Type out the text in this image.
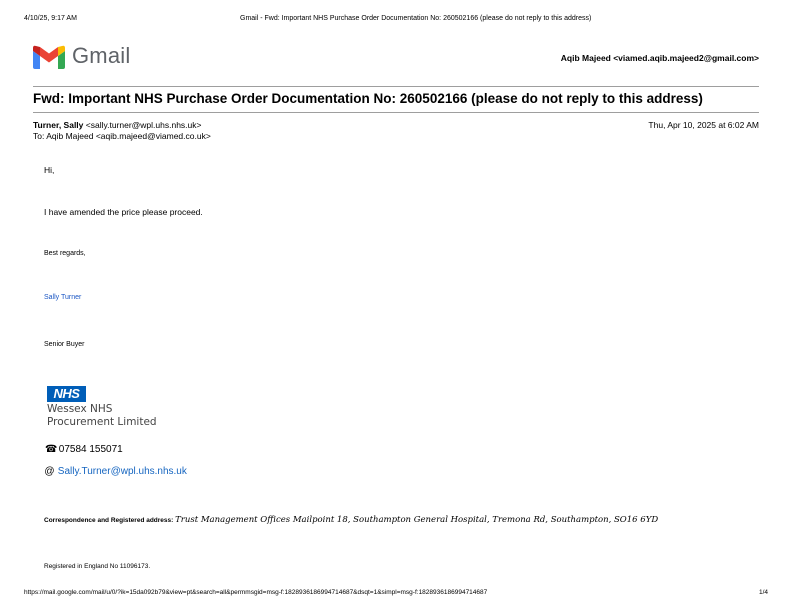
4/10/25, 9:17 AM	Gmail - Fwd: Important NHS Purchase Order Documentation No: 260502166 (please do not reply to this address)
Gmail	Aqib Majeed <viamed.aqib.majeed2@gmail.com>
Fwd: Important NHS Purchase Order Documentation No: 260502166 (please do not reply to this address)
Turner, Sally <sally.turner@wpl.uhs.nhs.uk>	Thu, Apr 10, 2025 at 6:02 AM
To: Aqib Majeed <aqib.majeed@viamed.co.uk>
Hi,
I have amended the price please proceed.
Best regards,
Sally Turner
Senior Buyer
NHS
Wessex NHS
Procurement Limited
☎ 07584 155071
@ Sally.Turner@wpl.uhs.nhs.uk
Correspondence and Registered address: Trust Management Offices Mailpoint 18, Southampton General Hospital, Tremona Rd, Southampton, SO16 6YD
Registered in England No 11096173.
https://mail.google.com/mail/u/0/?ik=15da092b79&view=pt&search=all&permmsgid=msg-f:1828936186994714687&dsqt=1&simpl=msg-f:1828936186994714687	1/4
